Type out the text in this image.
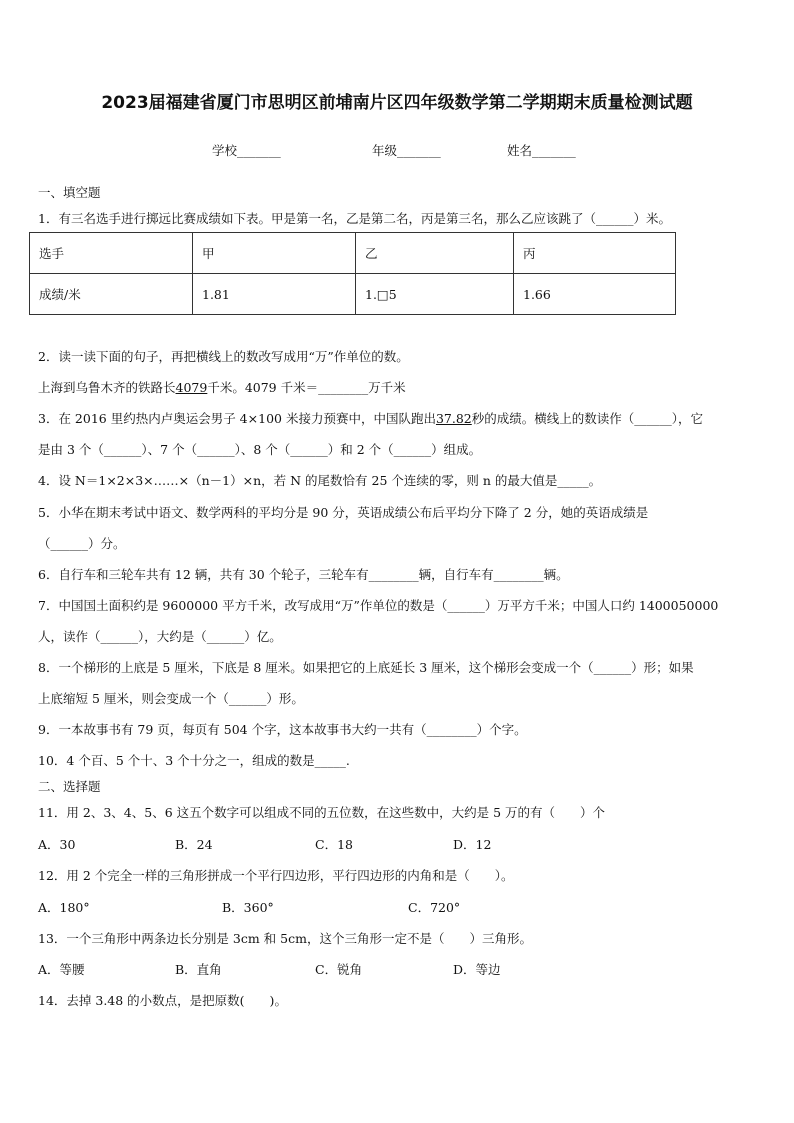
2023届福建省厦门市思明区前埔南片区四年级数学第二学期期末质量检测试题
学校_______	年级_______	姓名_______
一、填空题
1．有三名选手进行掷远比赛成绩如下表。甲是第一名，乙是第二名，丙是第三名，那么乙应该跳了（______）米。
选手	甲	乙	丙
成绩/米	1.81	1.□5	1.66
2．读一读下面的句子，再把横线上的数改写成用“万”作单位的数。
上海到乌鲁木齐的铁路长4079千米。4079 千米＝________万千米
3．在 2016 里约热内卢奥运会男子 4×100 米接力预赛中，中国队跑出37.82秒的成绩。横线上的数读作（______），它
是由 3 个（______）、7 个（______）、8 个（______）和 2 个（______）组成。
4．设 N＝1×2×3×……×（n－1）×n，若 N 的尾数恰有 25 个连续的零，则 n 的最大值是_____。
5．小华在期末考试中语文、数学两科的平均分是 90 分，英语成绩公布后平均分下降了 2 分，她的英语成绩是
（______）分。
6．自行车和三轮车共有 12 辆，共有 30 个轮子，三轮车有________辆，自行车有________辆。
7．中国国土面积约是 9600000 平方千米，改写成用“万”作单位的数是（______）万平方千米；中国人口约 1400050000
人，读作（______），大约是（______）亿。
8．一个梯形的上底是 5 厘米，下底是 8 厘米。如果把它的上底延长 3 厘米，这个梯形会变成一个（______）形；如果
上底缩短 5 厘米，则会变成一个（______）形。
9．一本故事书有 79 页，每页有 504 个字，这本故事书大约一共有（________）个字。
10．4 个百、5 个十、3 个十分之一，组成的数是_____.
二、选择题
11．用 2、3、4、5、6 这五个数字可以组成不同的五位数，在这些数中，大约是 5 万的有（　　）个
A．30	B．24	C．18	D．12
12．用 2 个完全一样的三角形拼成一个平行四边形，平行四边形的内角和是（　　）。
A．180°	B．360°	C．720°
13．一个三角形中两条边长分别是 3cm 和 5cm，这个三角形一定不是（　　）三角形。
A．等腰	B．直角	C．锐角	D．等边
14．去掉 3.48 的小数点，是把原数(　　)。
